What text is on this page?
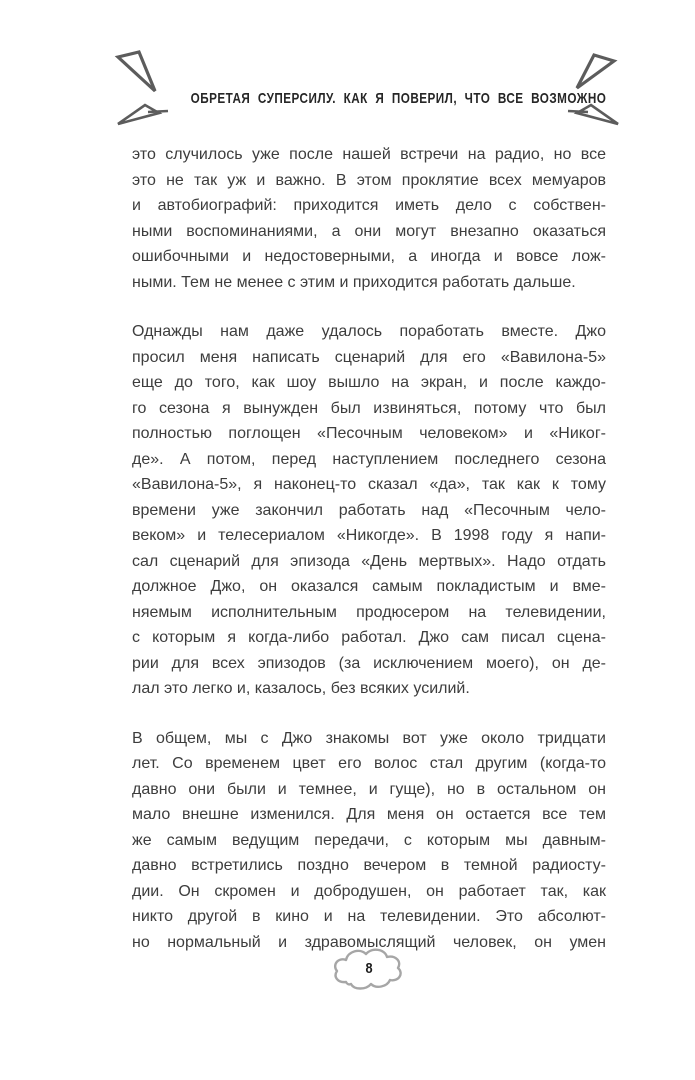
ОБРЕТАЯ СУПЕРСИЛУ. КАК Я ПОВЕРИЛ, ЧТО ВСЕ ВОЗМОЖНО
это случилось уже после нашей встречи на радио, но все
это не так уж и важно. В этом проклятие всех мемуаров
и автобиографий: приходится иметь дело с собствен-
ными воспоминаниями, а они могут внезапно оказаться
ошибочными и недостоверными, а иногда и вовсе лож-
ными. Тем не менее с этим и приходится работать дальше.
Однажды нам даже удалось поработать вместе. Джо
просил меня написать сценарий для его «Вавилона-5»
еще до того, как шоу вышло на экран, и после каждо-
го сезона я вынужден был извиняться, потому что был
полностью поглощен «Песочным человеком» и «Никог-
де». А потом, перед наступлением последнего сезона
«Вавилона-5», я наконец-то сказал «да», так как к тому
времени уже закончил работать над «Песочным чело-
веком» и телесериалом «Никогде». В 1998 году я напи-
сал сценарий для эпизода «День мертвых». Надо отдать
должное Джо, он оказался самым покладистым и вме-
няемым исполнительным продюсером на телевидении,
с которым я когда-либо работал. Джо сам писал сцена-
рии для всех эпизодов (за исключением моего), он де-
лал это легко и, казалось, без всяких усилий.
В общем, мы с Джо знакомы вот уже около тридцати
лет. Со временем цвет его волос стал другим (когда-то
давно они были и темнее, и гуще), но в остальном он
мало внешне изменился. Для меня он остается все тем
же самым ведущим передачи, с которым мы давным-
давно встретились поздно вечером в темной радиосту-
дии. Он скромен и добродушен, он работает так, как
никто другой в кино и на телевидении. Это абсолют-
но нормальный и здравомыслящий человек, он умен
8
